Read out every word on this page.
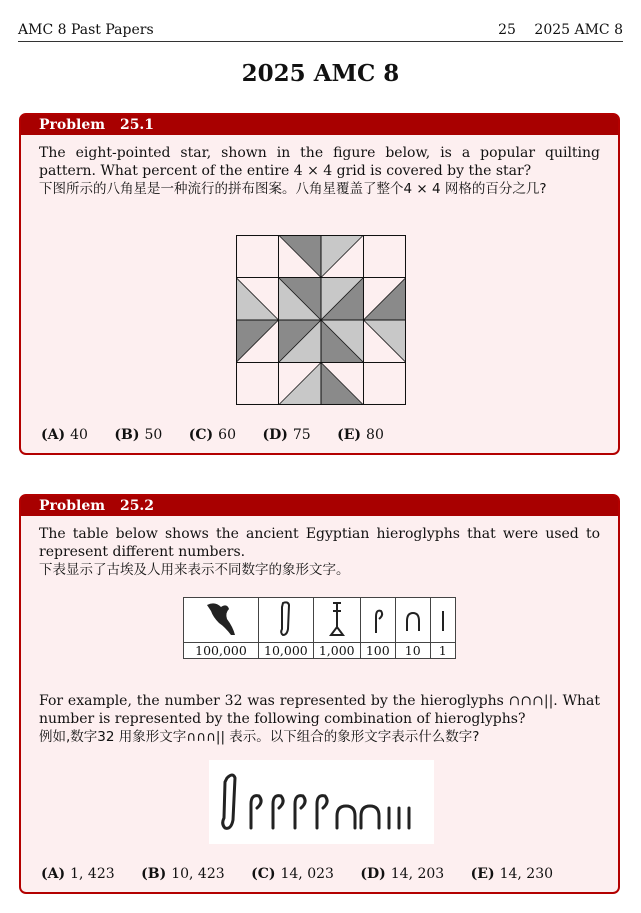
AMC 8 Past Papers	25 2025 AMC 8
2025 AMC 8
Problem 25.1
The eight-pointed star, shown in the figure below, is a popular quilting pattern. What percent of the entire 4 × 4 grid is covered by the star?
下图所示的八角星是一种流行的拼布图案。八角星覆盖了整个4 × 4 网格的百分之几?
(A) 40 (B) 50 (C) 60 (D) 75 (E) 80
Problem 25.2
The table below shows the ancient Egyptian hieroglyphs that were used to represent different numbers.
下表显示了古埃及人用来表示不同数字的象形文字。

100,000	10,000	1,000	100	10	1
For example, the number 32 was represented by the hieroglyphs ∩∩∩||. What number is represented by the following combination of hieroglyphs?
例如,数字32 用象形文字∩∩∩|| 表示。以下组合的象形文字表示什么数字?
(A) 1, 423 (B) 10, 423 (C) 14, 023 (D) 14, 203 (E) 14, 230
